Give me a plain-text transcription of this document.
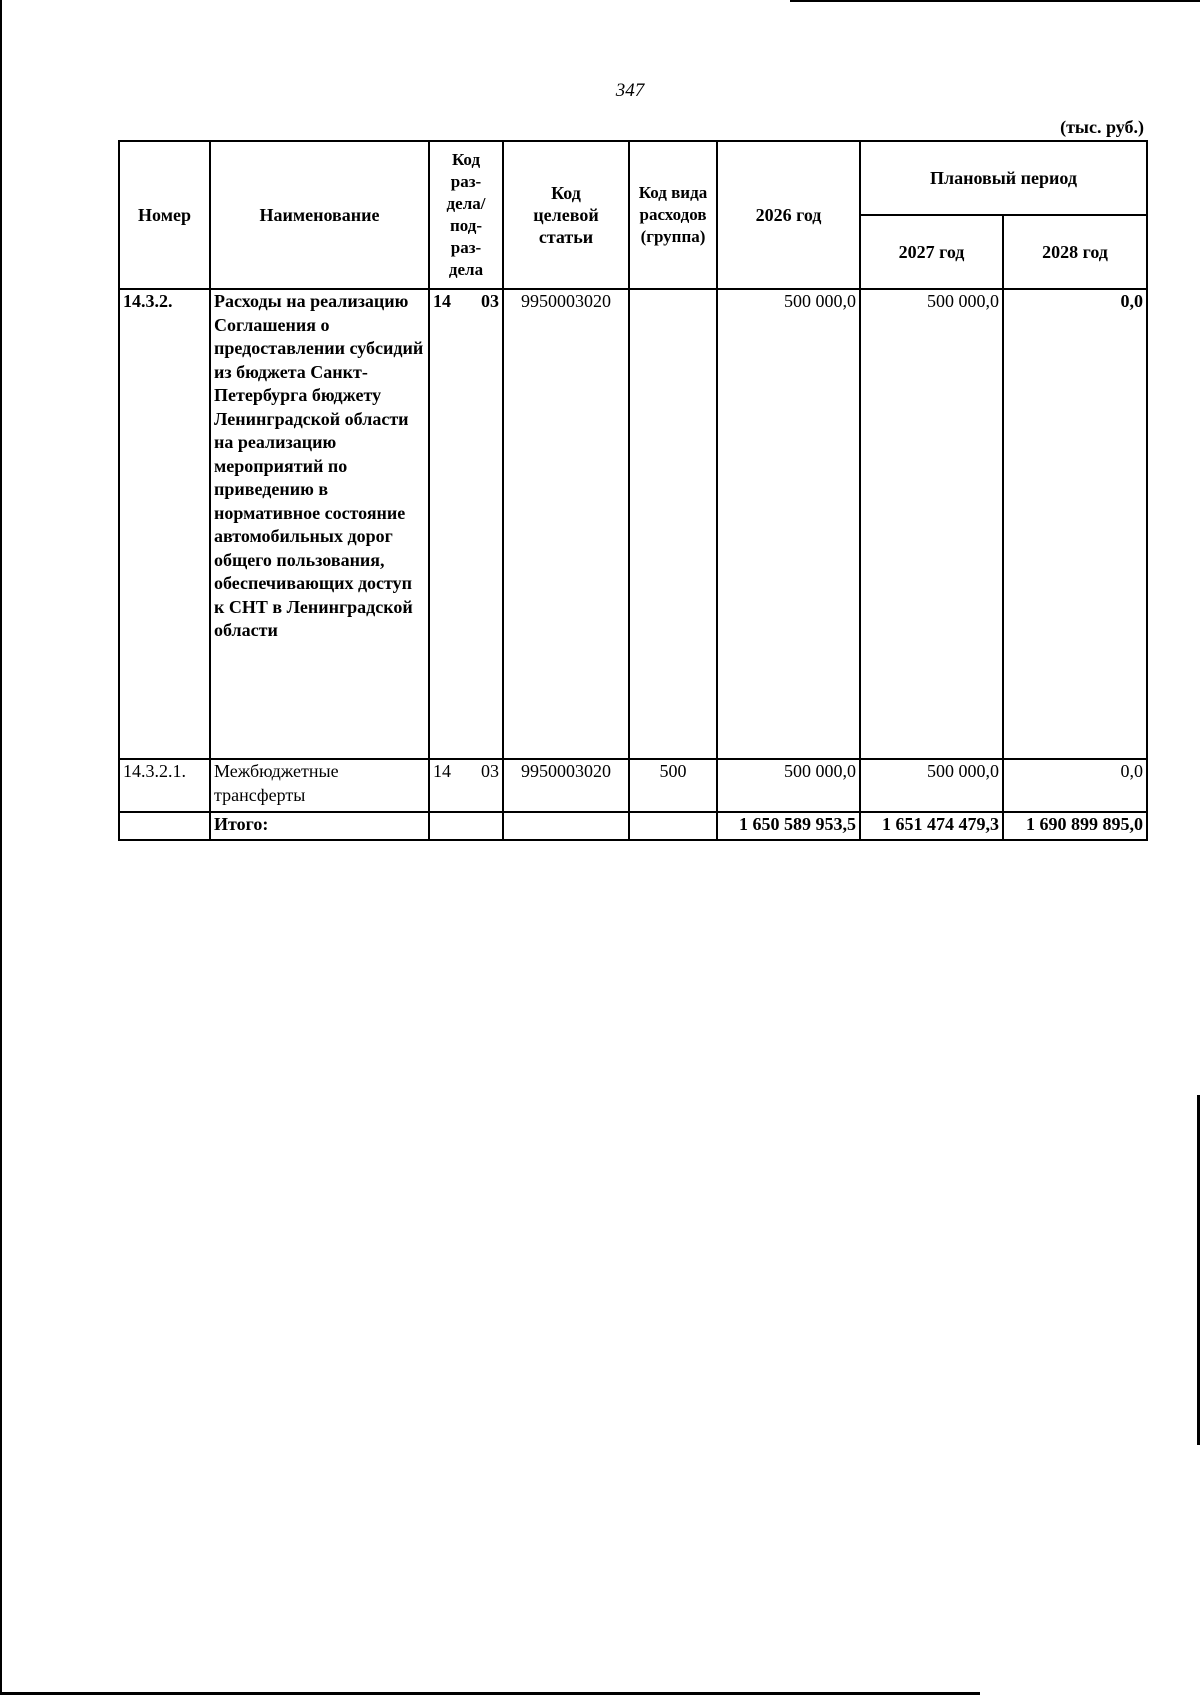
347
(тыс. руб.)
Номер	Наименование	Код раз- дела/ под- раз- дела	Код целевой статьи	Код вида расходов (группа)	2026 год	Плановый период	
						2027 год	2028 год
14.3.2.	Расходы на реализацию Соглашения о предоставлении субсидий из бюджета Санкт-Петербурга бюджету Ленинградской области на реализацию мероприятий по приведению в нормативное состояние автомобильных дорог общего пользования, обеспечивающих доступ к СНТ в Ленинградской области	14 03	9950003020		500 000,0	500 000,0	0,0
14.3.2.1.	Межбюджетные трансферты	14 03	9950003020	500	500 000,0	500 000,0	0,0
	Итого:				1 650 589 953,5	1 651 474 479,3	1 690 899 895,0
